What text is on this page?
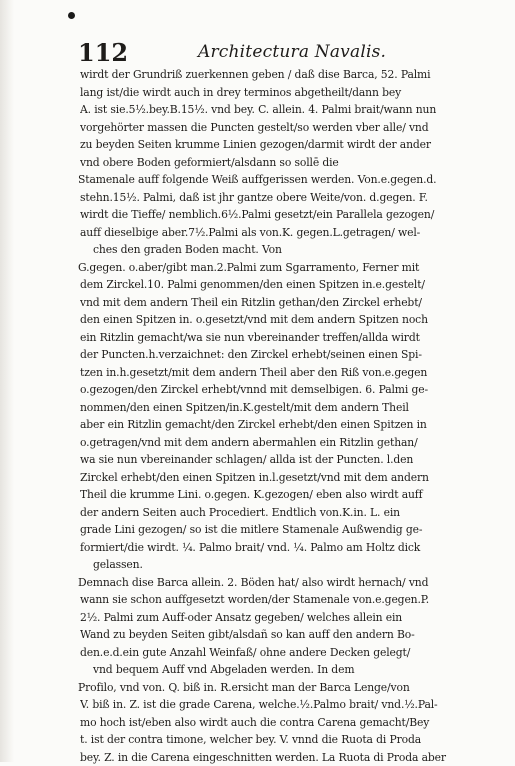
112	Architectura Navalis.
wirdt der Grundriß zuerkennen geben / daß dise Barca, 52. Palmi
lang ist/die wirdt auch in drey terminos abgetheilt/dann bey
A. ist sie.5½.bey.B.15½. vnd bey. C. allein. 4. Palmi brait/wann nun
vorgehörter massen die Puncten gestelt/so werden vber alle/ vnd
zu beyden Seiten krumme Linien gezogen/darmit wirdt der ander
vnd obere Boden geformiert/alsdann so sollē die
Stamenale auff folgende Weiß auffgerissen werden. Von.e.gegen.d.
stehn.15½. Palmi, daß ist jhr gantze obere Weite/von. d.gegen. F.
wirdt die Tieffe/ nemblich.6½.Palmi gesetzt/ein Parallela gezogen/
auff dieselbige aber.7½.Palmi als von.K. gegen.L.getragen/ wel-
ches den graden Boden macht. Von
G.gegen. o.aber/gibt man.2.Palmi zum Sgarramento, Ferner mit
dem Zirckel.10. Palmi genommen/den einen Spitzen in.e.gestelt/
vnd mit dem andern Theil ein Ritzlin gethan/den Zirckel erhebt/
den einen Spitzen in. o.gesetzt/vnd mit dem andern Spitzen noch
ein Ritzlin gemacht/wa sie nun vbereinander treffen/allda wirdt
der Puncten.h.verzaichnet: den Zirckel erhebt/seinen einen Spi-
tzen in.h.gesetzt/mit dem andern Theil aber den Riß von.e.gegen
o.gezogen/den Zirckel erhebt/vnnd mit demselbigen. 6. Palmi ge-
nommen/den einen Spitzen/in.K.gestelt/mit dem andern Theil
aber ein Ritzlin gemacht/den Zirckel erhebt/den einen Spitzen in
o.getragen/vnd mit dem andern abermahlen ein Ritzlin gethan/
wa sie nun vbereinander schlagen/ allda ist der Puncten. l.den
Zirckel erhebt/den einen Spitzen in.l.gesetzt/vnd mit dem andern
Theil die krumme Lini. o.gegen. K.gezogen/ eben also wirdt auff
der andern Seiten auch Procediert. Endtlich von.K.in. L. ein
grade Lini gezogen/ so ist die mitlere Stamenale Außwendig ge-
formiert/die wirdt. ¼. Palmo brait/ vnd. ¼. Palmo am Holtz dick
gelassen.
Demnach dise Barca allein. 2. Böden hat/ also wirdt hernach/ vnd
wann sie schon auffgesetzt worden/der Stamenale von.e.gegen.P.
2½. Palmi zum Auff-oder Ansatz gegeben/ welches allein ein
Wand zu beyden Seiten gibt/alsdañ so kan auff den andern Bo-
den.e.d.ein gute Anzahl Weinfaß/ ohne andere Decken gelegt/
vnd bequem Auff vnd Abgeladen werden. In dem
Profilo, vnd von. Q. biß in. R.ersicht man der Barca Lenge/von
V. biß in. Z. ist die grade Carena, welche.½.Palmo brait/ vnd.½.Pal-
mo hoch ist/eben also wirdt auch die contra Carena gemacht/Bey
t. ist der contra timone, welcher bey. V. vnnd die Ruota di Proda
bey. Z. in die Carena eingeschnitten werden. La Ruota di Proda aber
